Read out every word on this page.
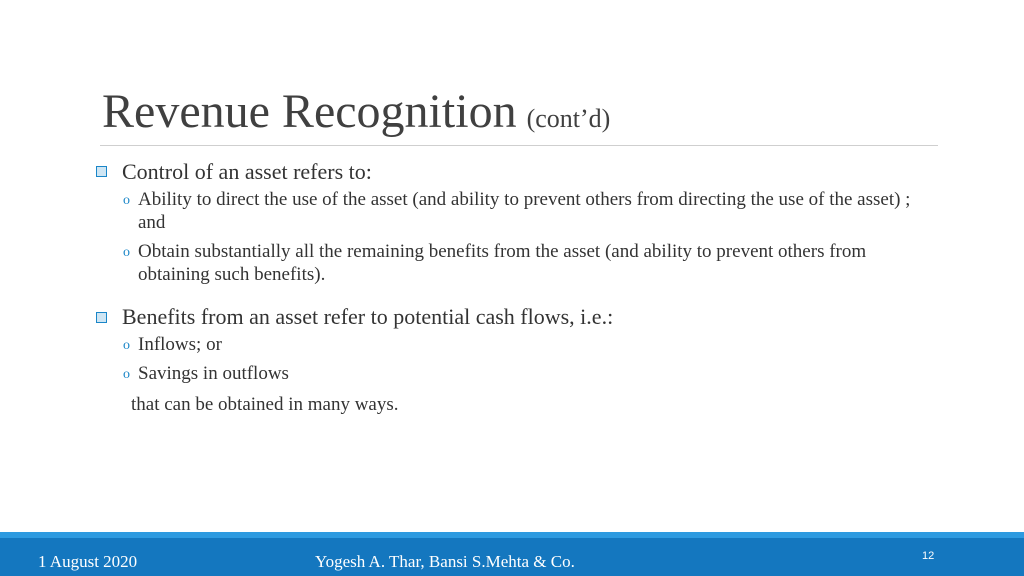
Revenue Recognition (cont’d)
Control of an asset refers to:
o Ability to direct the use of the asset (and ability to prevent others from directing the use of the asset) ; and
o Obtain substantially all the remaining benefits from the asset (and ability to prevent others from obtaining such benefits).
Benefits from an asset refer to potential cash flows, i.e.:
o Inflows; or
o Savings in outflows
that can be obtained in many ways.
1 August 2020	Yogesh A. Thar, Bansi S.Mehta & Co.	12
